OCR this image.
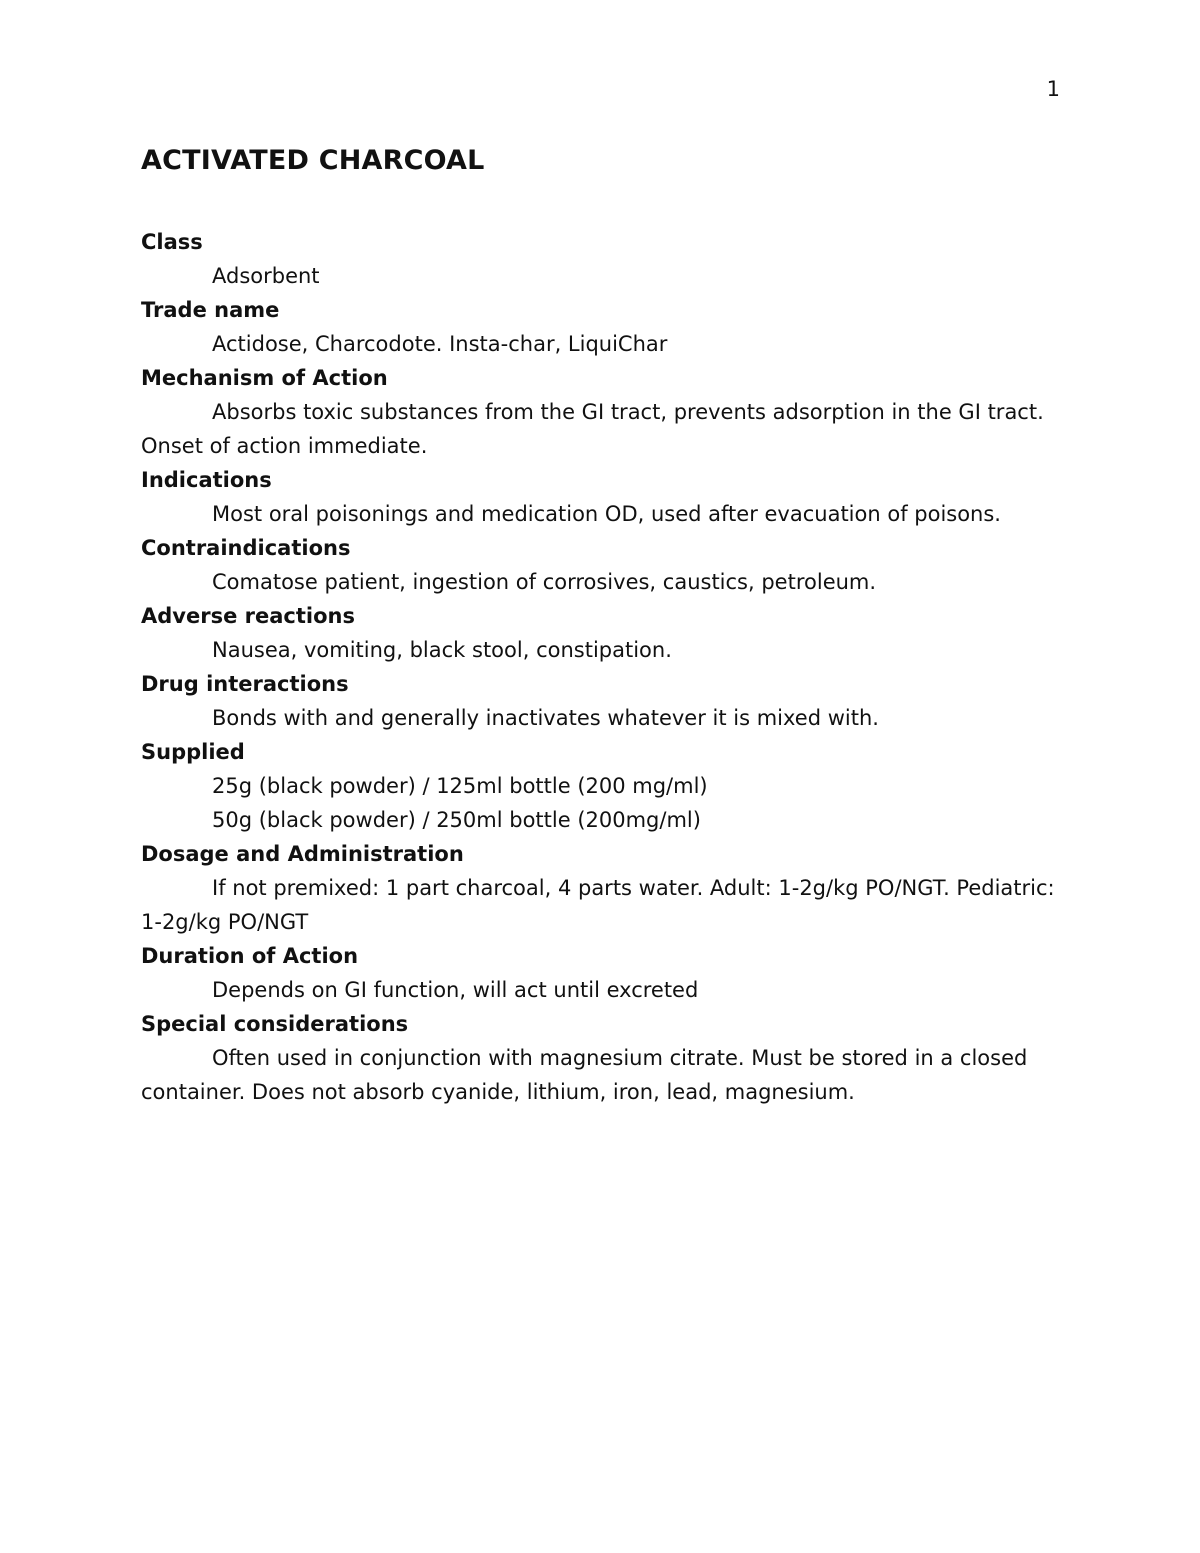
1
ACTIVATED CHARCOAL
Class

Adsorbent

Trade name

Actidose, Charcodote. Insta-char, LiquiChar

Mechanism of Action

Absorbs toxic substances from the GI tract, prevents adsorption in the GI tract. Onset of action immediate.

Indications

Most oral poisonings and medication OD, used after evacuation of poisons.

Contraindications

Comatose patient, ingestion of corrosives, caustics, petroleum.

Adverse reactions

Nausea, vomiting, black stool, constipation.

Drug interactions

Bonds with and generally inactivates whatever it is mixed with.

Supplied

25g (black powder) / 125ml bottle (200 mg/ml)

50g (black powder) / 250ml bottle (200mg/ml)

Dosage and Administration

If not premixed: 1 part charcoal, 4 parts water. Adult: 1-2g/kg PO/NGT. Pediatric: 1-2g/kg PO/NGT

Duration of Action

Depends on GI function, will act until excreted

Special considerations

Often used in conjunction with magnesium citrate. Must be stored in a closed container. Does not absorb cyanide, lithium, iron, lead, magnesium.
